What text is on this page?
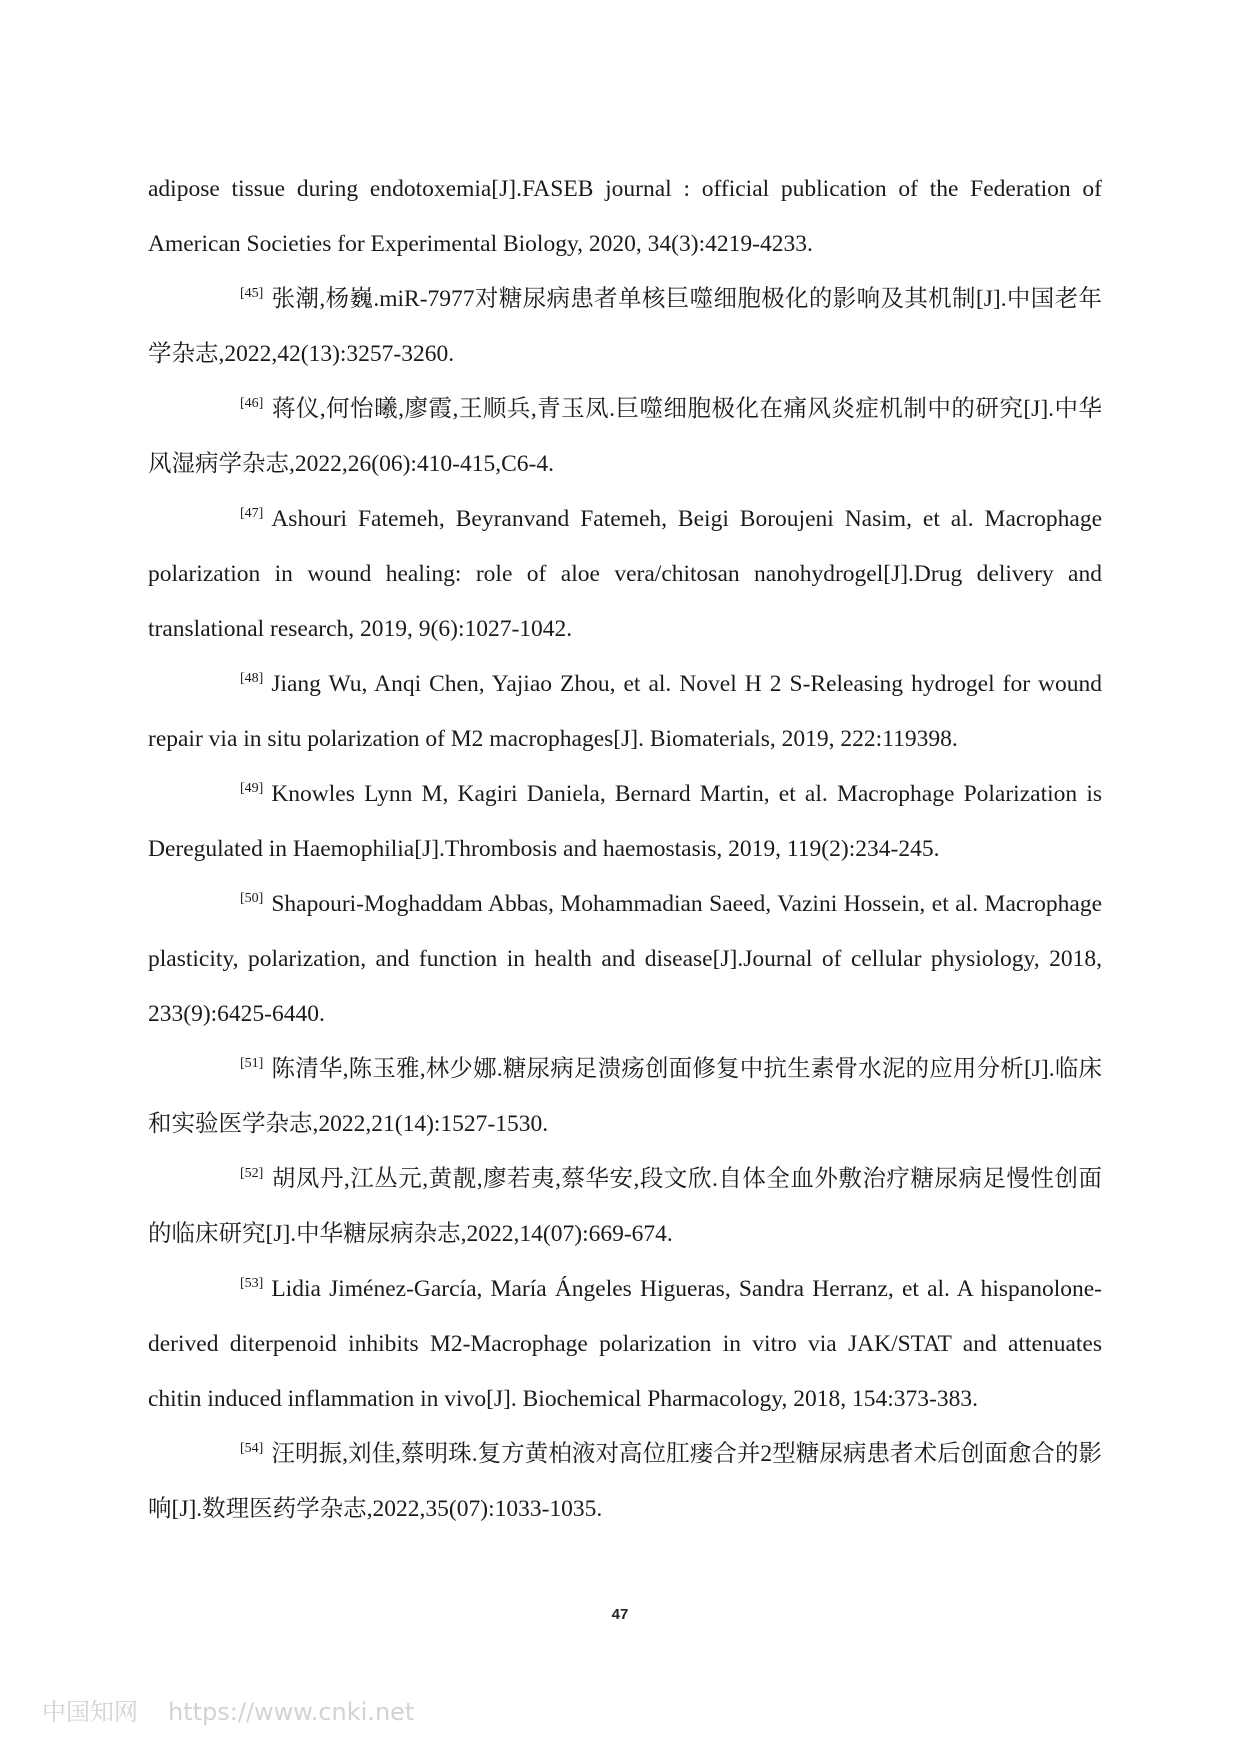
adipose tissue during endotoxemia[J].FASEB journal : official publication of the Federation of American Societies for Experimental Biology, 2020, 34(3):4219-4233.

[45] 张潮,杨巍.miR-7977对糖尿病患者单核巨噬细胞极化的影响及其机制[J].中国老年学杂志,2022,42(13):3257-3260.

[46] 蒋仪,何怡曦,廖霞,王顺兵,青玉凤.巨噬细胞极化在痛风炎症机制中的研究[J].中华风湿病学杂志,2022,26(06):410-415,C6-4.

[47] Ashouri Fatemeh, Beyranvand Fatemeh, Beigi Boroujeni Nasim, et al. Macrophage polarization in wound healing: role of aloe vera/chitosan nanohydrogel[J].Drug delivery and translational research, 2019, 9(6):1027-1042.

[48] Jiang Wu, Anqi Chen, Yajiao Zhou, et al. Novel H 2 S-Releasing hydrogel for wound repair via in situ polarization of M2 macrophages[J]. Biomaterials, 2019, 222:119398.

[49] Knowles Lynn M, Kagiri Daniela, Bernard Martin, et al. Macrophage Polarization is Deregulated in Haemophilia[J].Thrombosis and haemostasis, 2019, 119(2):234-245.

[50] Shapouri-Moghaddam Abbas, Mohammadian Saeed, Vazini Hossein, et al. Macrophage plasticity, polarization, and function in health and disease[J].Journal of cellular physiology, 2018, 233(9):6425-6440.

[51] 陈清华,陈玉雅,林少娜.糖尿病足溃疡创面修复中抗生素骨水泥的应用分析[J].临床和实验医学杂志,2022,21(14):1527-1530.

[52] 胡凤丹,江丛元,黄靓,廖若夷,蔡华安,段文欣.自体全血外敷治疗糖尿病足慢性创面的临床研究[J].中华糖尿病杂志,2022,14(07):669-674.

[53] Lidia Jiménez-García, María Ángeles Higueras, Sandra Herranz, et al. A hispanolone-derived diterpenoid inhibits M2-Macrophage polarization in vitro via JAK/STAT and attenuates chitin induced inflammation in vivo[J]. Biochemical Pharmacology, 2018, 154:373-383.

[54] 汪明振,刘佳,蔡明珠.复方黄柏液对高位肛瘘合并2型糖尿病患者术后创面愈合的影响[J].数理医药学杂志,2022,35(07):1033-1035.

47
中国知网 https://www.cnki.net
